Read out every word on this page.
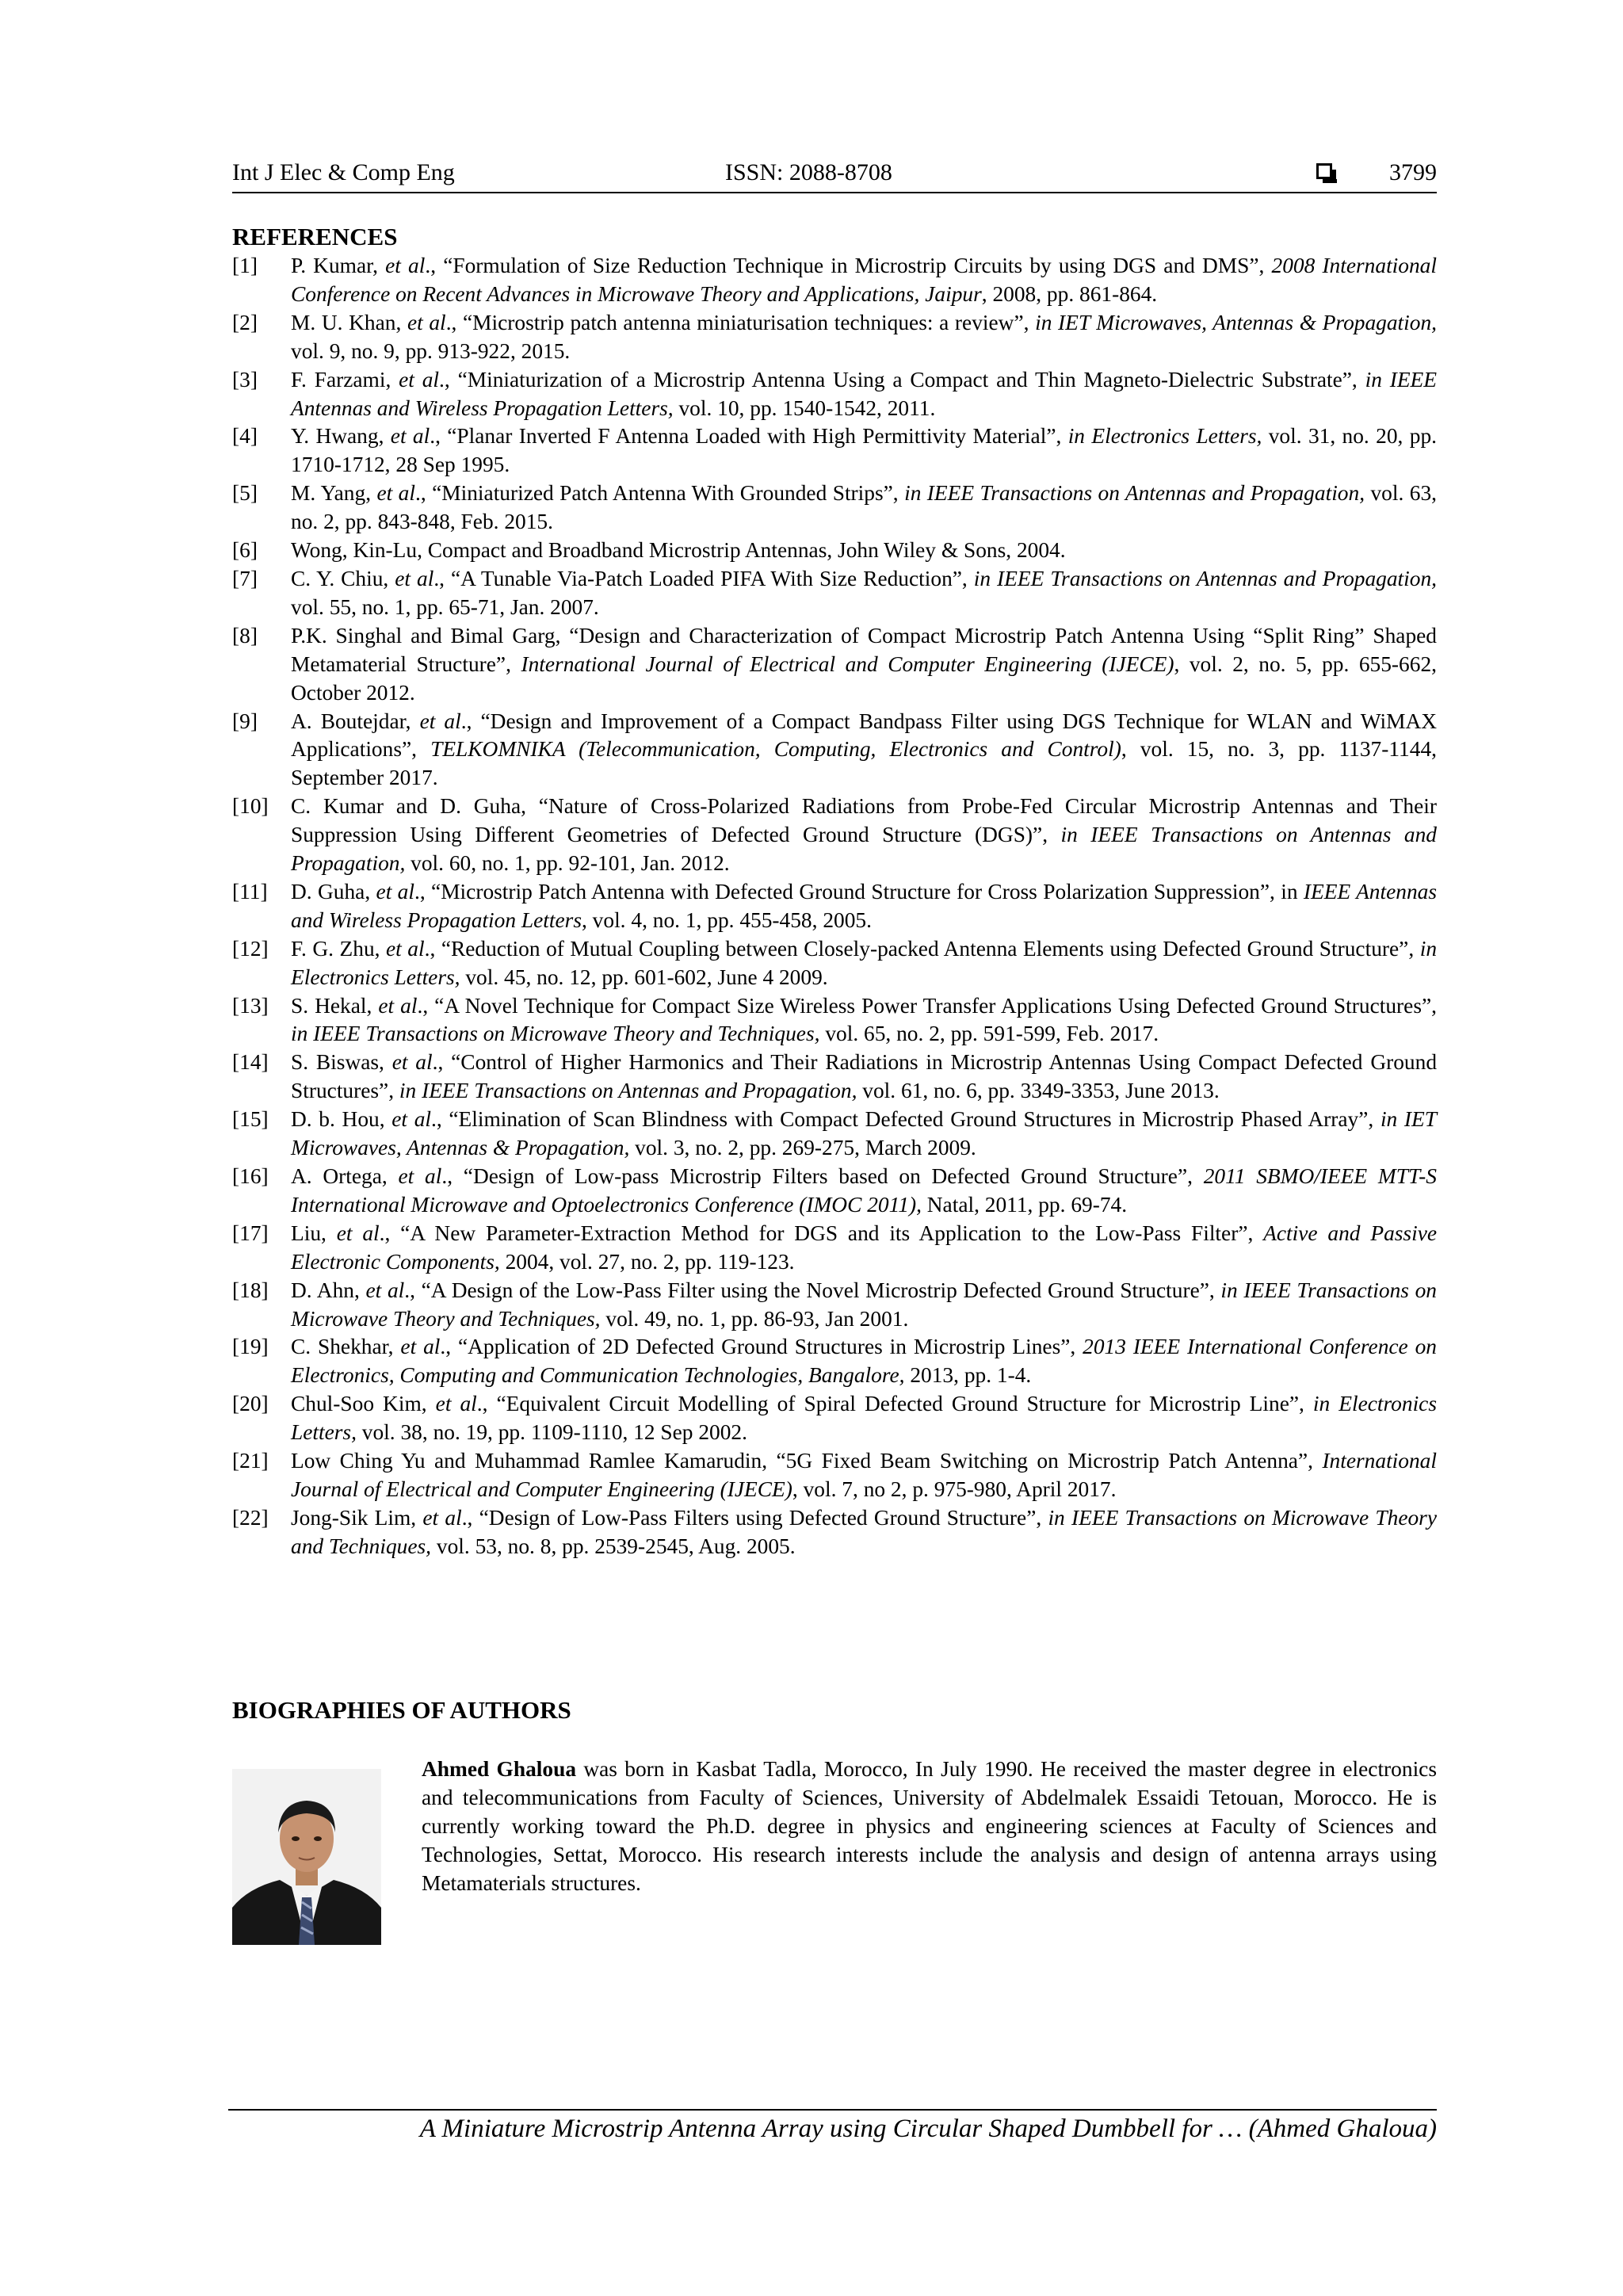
Int J Elec & Comp Eng	ISSN: 2088-8708	3799
REFERENCES
[1]	P. Kumar, et al., “Formulation of Size Reduction Technique in Microstrip Circuits by using DGS and DMS”, 2008 International Conference on Recent Advances in Microwave Theory and Applications, Jaipur, 2008, pp. 861-864.
[2]	M. U. Khan, et al., “Microstrip patch antenna miniaturisation techniques: a review”, in IET Microwaves, Antennas & Propagation, vol. 9, no. 9, pp. 913-922, 2015.
[3]	F. Farzami, et al., “Miniaturization of a Microstrip Antenna Using a Compact and Thin Magneto-Dielectric Substrate”, in IEEE Antennas and Wireless Propagation Letters, vol. 10, pp. 1540-1542, 2011.
[4]	Y. Hwang, et al., “Planar Inverted F Antenna Loaded with High Permittivity Material”, in Electronics Letters, vol. 31, no. 20, pp. 1710-1712, 28 Sep 1995.
[5]	M. Yang, et al., “Miniaturized Patch Antenna With Grounded Strips”, in IEEE Transactions on Antennas and Propagation, vol. 63, no. 2, pp. 843-848, Feb. 2015.
[6]	Wong, Kin-Lu, Compact and Broadband Microstrip Antennas, John Wiley & Sons, 2004.
[7]	C. Y. Chiu, et al., “A Tunable Via-Patch Loaded PIFA With Size Reduction”, in IEEE Transactions on Antennas and Propagation, vol. 55, no. 1, pp. 65-71, Jan. 2007.
[8]	P.K. Singhal and Bimal Garg, “Design and Characterization of Compact Microstrip Patch Antenna Using “Split Ring” Shaped Metamaterial Structure”, International Journal of Electrical and Computer Engineering (IJECE), vol. 2, no. 5, pp. 655-662, October 2012.
[9]	A. Boutejdar, et al., “Design and Improvement of a Compact Bandpass Filter using DGS Technique for WLAN and WiMAX Applications”, TELKOMNIKA (Telecommunication, Computing, Electronics and Control), vol. 15, no. 3, pp. 1137-1144, September 2017.
[10]	C. Kumar and D. Guha, “Nature of Cross-Polarized Radiations from Probe-Fed Circular Microstrip Antennas and Their Suppression Using Different Geometries of Defected Ground Structure (DGS)”, in IEEE Transactions on Antennas and Propagation, vol. 60, no. 1, pp. 92-101, Jan. 2012.
[11]	D. Guha, et al., “Microstrip Patch Antenna with Defected Ground Structure for Cross Polarization Suppression”, in IEEE Antennas and Wireless Propagation Letters, vol. 4, no. 1, pp. 455-458, 2005.
[12]	F. G. Zhu, et al., “Reduction of Mutual Coupling between Closely-packed Antenna Elements using Defected Ground Structure”, in Electronics Letters, vol. 45, no. 12, pp. 601-602, June 4 2009.
[13]	S. Hekal, et al., “A Novel Technique for Compact Size Wireless Power Transfer Applications Using Defected Ground Structures”, in IEEE Transactions on Microwave Theory and Techniques, vol. 65, no. 2, pp. 591-599, Feb. 2017.
[14]	S. Biswas, et al., “Control of Higher Harmonics and Their Radiations in Microstrip Antennas Using Compact Defected Ground Structures”, in IEEE Transactions on Antennas and Propagation, vol. 61, no. 6, pp. 3349-3353, June 2013.
[15]	D. b. Hou, et al., “Elimination of Scan Blindness with Compact Defected Ground Structures in Microstrip Phased Array”, in IET Microwaves, Antennas & Propagation, vol. 3, no. 2, pp. 269-275, March 2009.
[16]	A. Ortega, et al., “Design of Low-pass Microstrip Filters based on Defected Ground Structure”, 2011 SBMO/IEEE MTT-S International Microwave and Optoelectronics Conference (IMOC 2011), Natal, 2011, pp. 69-74.
[17]	Liu, et al., “A New Parameter-Extraction Method for DGS and its Application to the Low-Pass Filter”, Active and Passive Electronic Components, 2004, vol. 27, no. 2, pp. 119-123.
[18]	D. Ahn, et al., “A Design of the Low-Pass Filter using the Novel Microstrip Defected Ground Structure”, in IEEE Transactions on Microwave Theory and Techniques, vol. 49, no. 1, pp. 86-93, Jan 2001.
[19]	C. Shekhar, et al., “Application of 2D Defected Ground Structures in Microstrip Lines”, 2013 IEEE International Conference on Electronics, Computing and Communication Technologies, Bangalore, 2013, pp. 1-4.
[20]	Chul-Soo Kim, et al., “Equivalent Circuit Modelling of Spiral Defected Ground Structure for Microstrip Line”, in Electronics Letters, vol. 38, no. 19, pp. 1109-1110, 12 Sep 2002.
[21]	Low Ching Yu and Muhammad Ramlee Kamarudin, “5G Fixed Beam Switching on Microstrip Patch Antenna”, International Journal of Electrical and Computer Engineering (IJECE), vol. 7, no 2, p. 975-980, April 2017.
[22]	Jong-Sik Lim, et al., “Design of Low-Pass Filters using Defected Ground Structure”, in IEEE Transactions on Microwave Theory and Techniques, vol. 53, no. 8, pp. 2539-2545, Aug. 2005.
BIOGRAPHIES OF AUTHORS
Ahmed Ghaloua was born in Kasbat Tadla, Morocco, In July 1990. He received the master degree in electronics and telecommunications from Faculty of Sciences, University of Abdelmalek Essaidi Tetouan, Morocco. He is currently working toward the Ph.D. degree in physics and engineering sciences at Faculty of Sciences and Technologies, Settat, Morocco. His research interests include the analysis and design of antenna arrays using Metamaterials structures.
A Miniature Microstrip Antenna Array using Circular Shaped Dumbbell for … (Ahmed Ghaloua)
